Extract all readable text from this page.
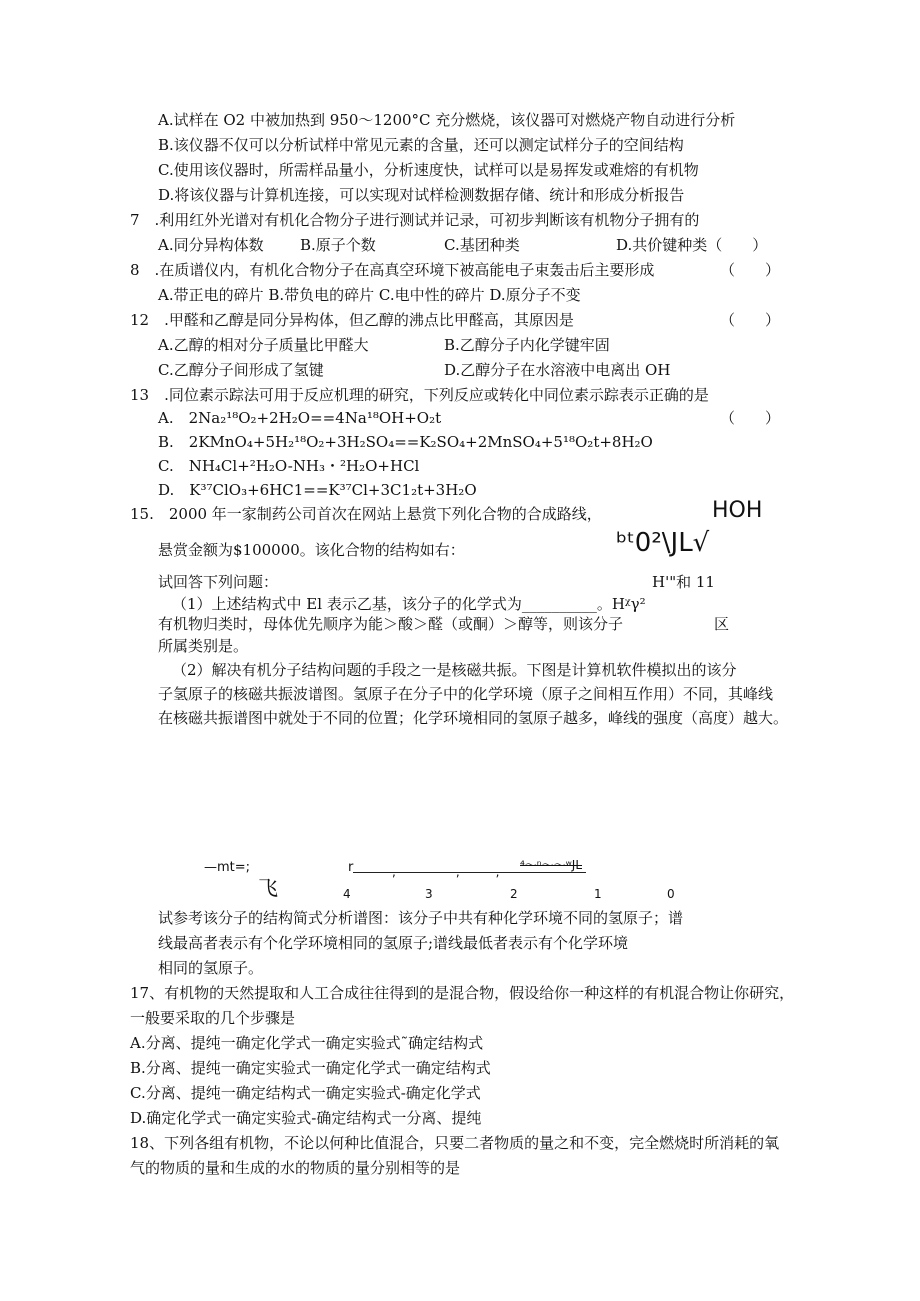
A.试样在 O2 中被加热到 950～1200°C 充分燃烧，该仪器可对燃烧产物自动进行分析
B.该仪器不仅可以分析试样中常见元素的含量，还可以测定试样分子的空间结构
C.使用该仪器时，所需样品量小，分析速度快，试样可以是易挥发或难熔的有机物
D.将该仪器与计算机连接，可以实现对试样检测数据存储、统计和形成分析报告
7　.利用红外光谱对有机化合物分子进行测试并记录，可初步判断该有机物分子拥有的
A.同分异构体数 B.原子个数	C.基团种类	D.共价键种类（　　）
8　.在质谱仪内，有机化合物分子在高真空环境下被高能电子束轰击后主要形成	（　　）
A.带正电的碎片 B.带负电的碎片 C.电中性的碎片 D.原分子不变
12　.甲醛和乙醇是同分异构体，但乙醇的沸点比甲醛高，其原因是	（　　）
A.乙醇的相对分子质量比甲醛大	B.乙醇分子内化学键牢固
C.乙醇分子间形成了氢键	D.乙醇分子在水溶液中电离出 OH
13　.同位素示踪法可用于反应机理的研究，下列反应或转化中同位素示踪表示正确的是
（　　）
A.　2Na₂¹⁸O₂+2H₂O==4Na¹⁸OH+O₂t
B.　2KMnO₄+5H₂¹⁸O₂+3H₂SO₄==K₂SO₄+2MnSO₄+5¹⁸O₂t+8H₂O
C.　NH₄Cl+²H₂O-NH₃・²H₂O+HCl
D.　K³⁷ClO₃+6HC1==K³⁷Cl+3C1₂t+3H₂O
15.　2000 年一家制药公司首次在网站上悬赏下列化合物的合成路线，	HOH
ᵇᵗ0²\JL√
悬赏金额为$100000。该化合物的结构如右：
试回答下列问题：	H'"和 11
（1）上述结构式中 El 表示乙基，该分子的化学式为__________。Hᵡγ²
有机物归类时，母体优先顺序为能＞酸＞醛（或酮）＞醇等，则该分子	区
所属类别是。
（2）解决有机分子结构问题的手段之一是核磁共振。下图是计算机软件模拟出的该分
子氢原子的核磁共振波谱图。氢原子在分子中的化学环境（原子之间相互作用）不同，其峰线
在核磁共振谱图中就处于不同的位置；化学环境相同的氢原子越多，峰线的强度（高度）越大。
—mt=;
飞
r	,　　　　　,　　　, ⁴～ⁿ～～ʷJL
4	3	2	1	0
试参考该分子的结构简式分析谱图：该分子中共有种化学环境不同的氢原子；谱
线最高者表示有个化学环境相同的氢原子;谱线最低者表示有个化学环境
相同的氢原子。
17、有机物的天然提取和人工合成往往得到的是混合物，假设给你一种这样的有机混合物让你研究，
一般要采取的几个步骤是
A.分离、提纯一确定化学式一确定实验式˜确定结构式
B.分离、提纯一确定实验式一确定化学式一确定结构式
C.分离、提纯一确定结构式一确定实验式-确定化学式
D.确定化学式一确定实验式-确定结构式一分离、提纯
18、下列各组有机物，不论以何种比值混合，只要二者物质的量之和不变，完全燃烧时所消耗的氧
气的物质的量和生成的水的物质的量分别相等的是
